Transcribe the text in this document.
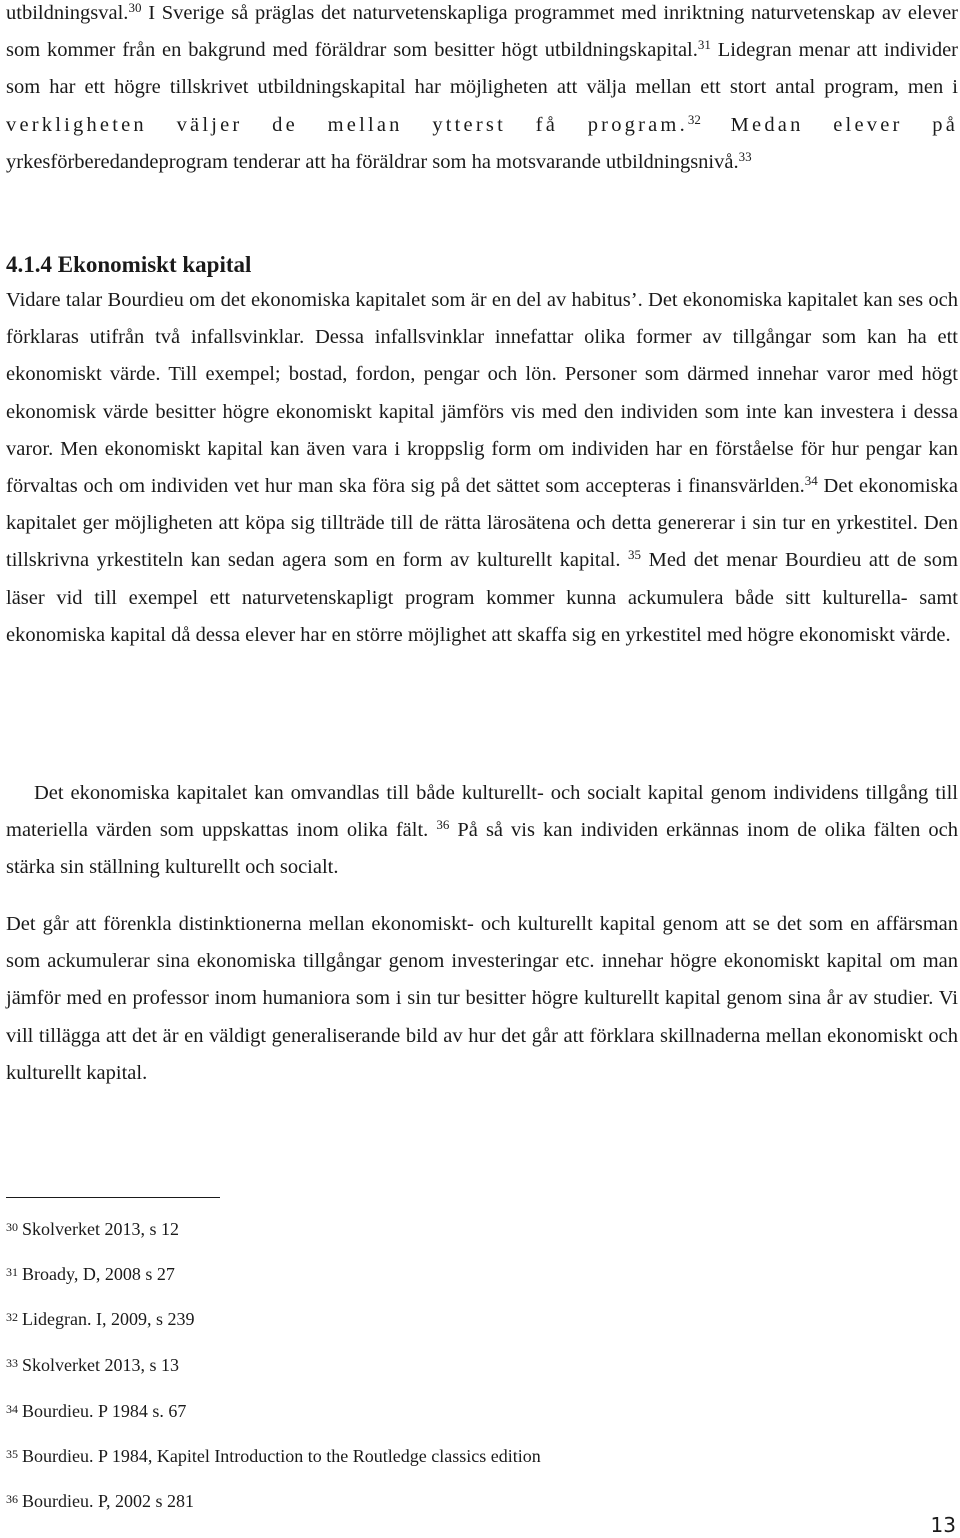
utbildningsval.$^{30}$ I Sverige så präglas det naturvetenskapliga programmet med inriktning naturvetenskap av elever som kommer från en bakgrund med föräldrar som besitter högt utbildningskapital.$^{31}$ Lidegran menar att individer som har ett högre tillskrivet utbildningskapital har möjligheten att välja mellan ett stort antal program, men i verkligheten väljer de mellan ytterst få program.$^{32}$ Medan elever på yrkesförberedandeprogram tenderar att ha föräldrar som ha motsvarande utbildningsnivå.$^{33}$

4.1.4 Ekonomiskt kapital

Vidare talar Bourdieu om det ekonomiska kapitalet som är en del av habitus’. Det ekonomiska kapitalet kan ses och förklaras utifrån två infallsvinklar. Dessa infallsvinklar innefattar olika former av tillgångar som kan ha ett ekonomiskt värde. Till exempel; bostad, fordon, pengar och lön. Personer som därmed innehar varor med högt ekonomisk värde besitter högre ekonomiskt kapital jämförs vis med den individen som inte kan investera i dessa varor. Men ekonomiskt kapital kan även vara i kroppslig form om individen har en förståelse för hur pengar kan förvaltas och om individen vet hur man ska föra sig på det sättet som accepteras i finansvärlden.$^{34}$ Det ekonomiska kapitalet ger möjligheten att köpa sig tillträde till de rätta lärosätena och detta genererar i sin tur en yrkestitel. Den tillskrivna yrkestiteln kan sedan agera som en form av kulturellt kapital. $^{35}$ Med det menar Bourdieu att de som läser vid till exempel ett naturvetenskapligt program kommer kunna ackumulera både sitt kulturella- samt ekonomiska kapital då dessa elever har en större möjlighet att skaffa sig en yrkestitel med högre ekonomiskt värde.

Det ekonomiska kapitalet kan omvandlas till både kulturellt- och socialt kapital genom individens tillgång till materiella värden som uppskattas inom olika fält. $^{36}$ På så vis kan individen erkännas inom de olika fälten och stärka sin ställning kulturellt och socialt.

Det går att förenkla distinktionerna mellan ekonomiskt- och kulturellt kapital genom att se det som en affärsman som ackumulerar sina ekonomiska tillgångar genom investeringar etc. innehar högre ekonomiskt kapital om man jämför med en professor inom humaniora som i sin tur besitter högre kulturellt kapital genom sina år av studier. Vi vill tillägga att det är en väldigt generaliserande bild av hur det går att förklara skillnaderna mellan ekonomiskt och kulturellt kapital.

$^{30}$ Skolverket 2013, s 12
$^{31}$ Broady, D, 2008 s 27
$^{32}$ Lidegran. I, 2009, s 239
$^{33}$ Skolverket 2013, s 13
$^{34}$ Bourdieu. P 1984 s. 67
$^{35}$ Bourdieu. P 1984, Kapitel Introduction to the Routledge classics edition
$^{36}$ Bourdieu. P, 2002 s 281
13
